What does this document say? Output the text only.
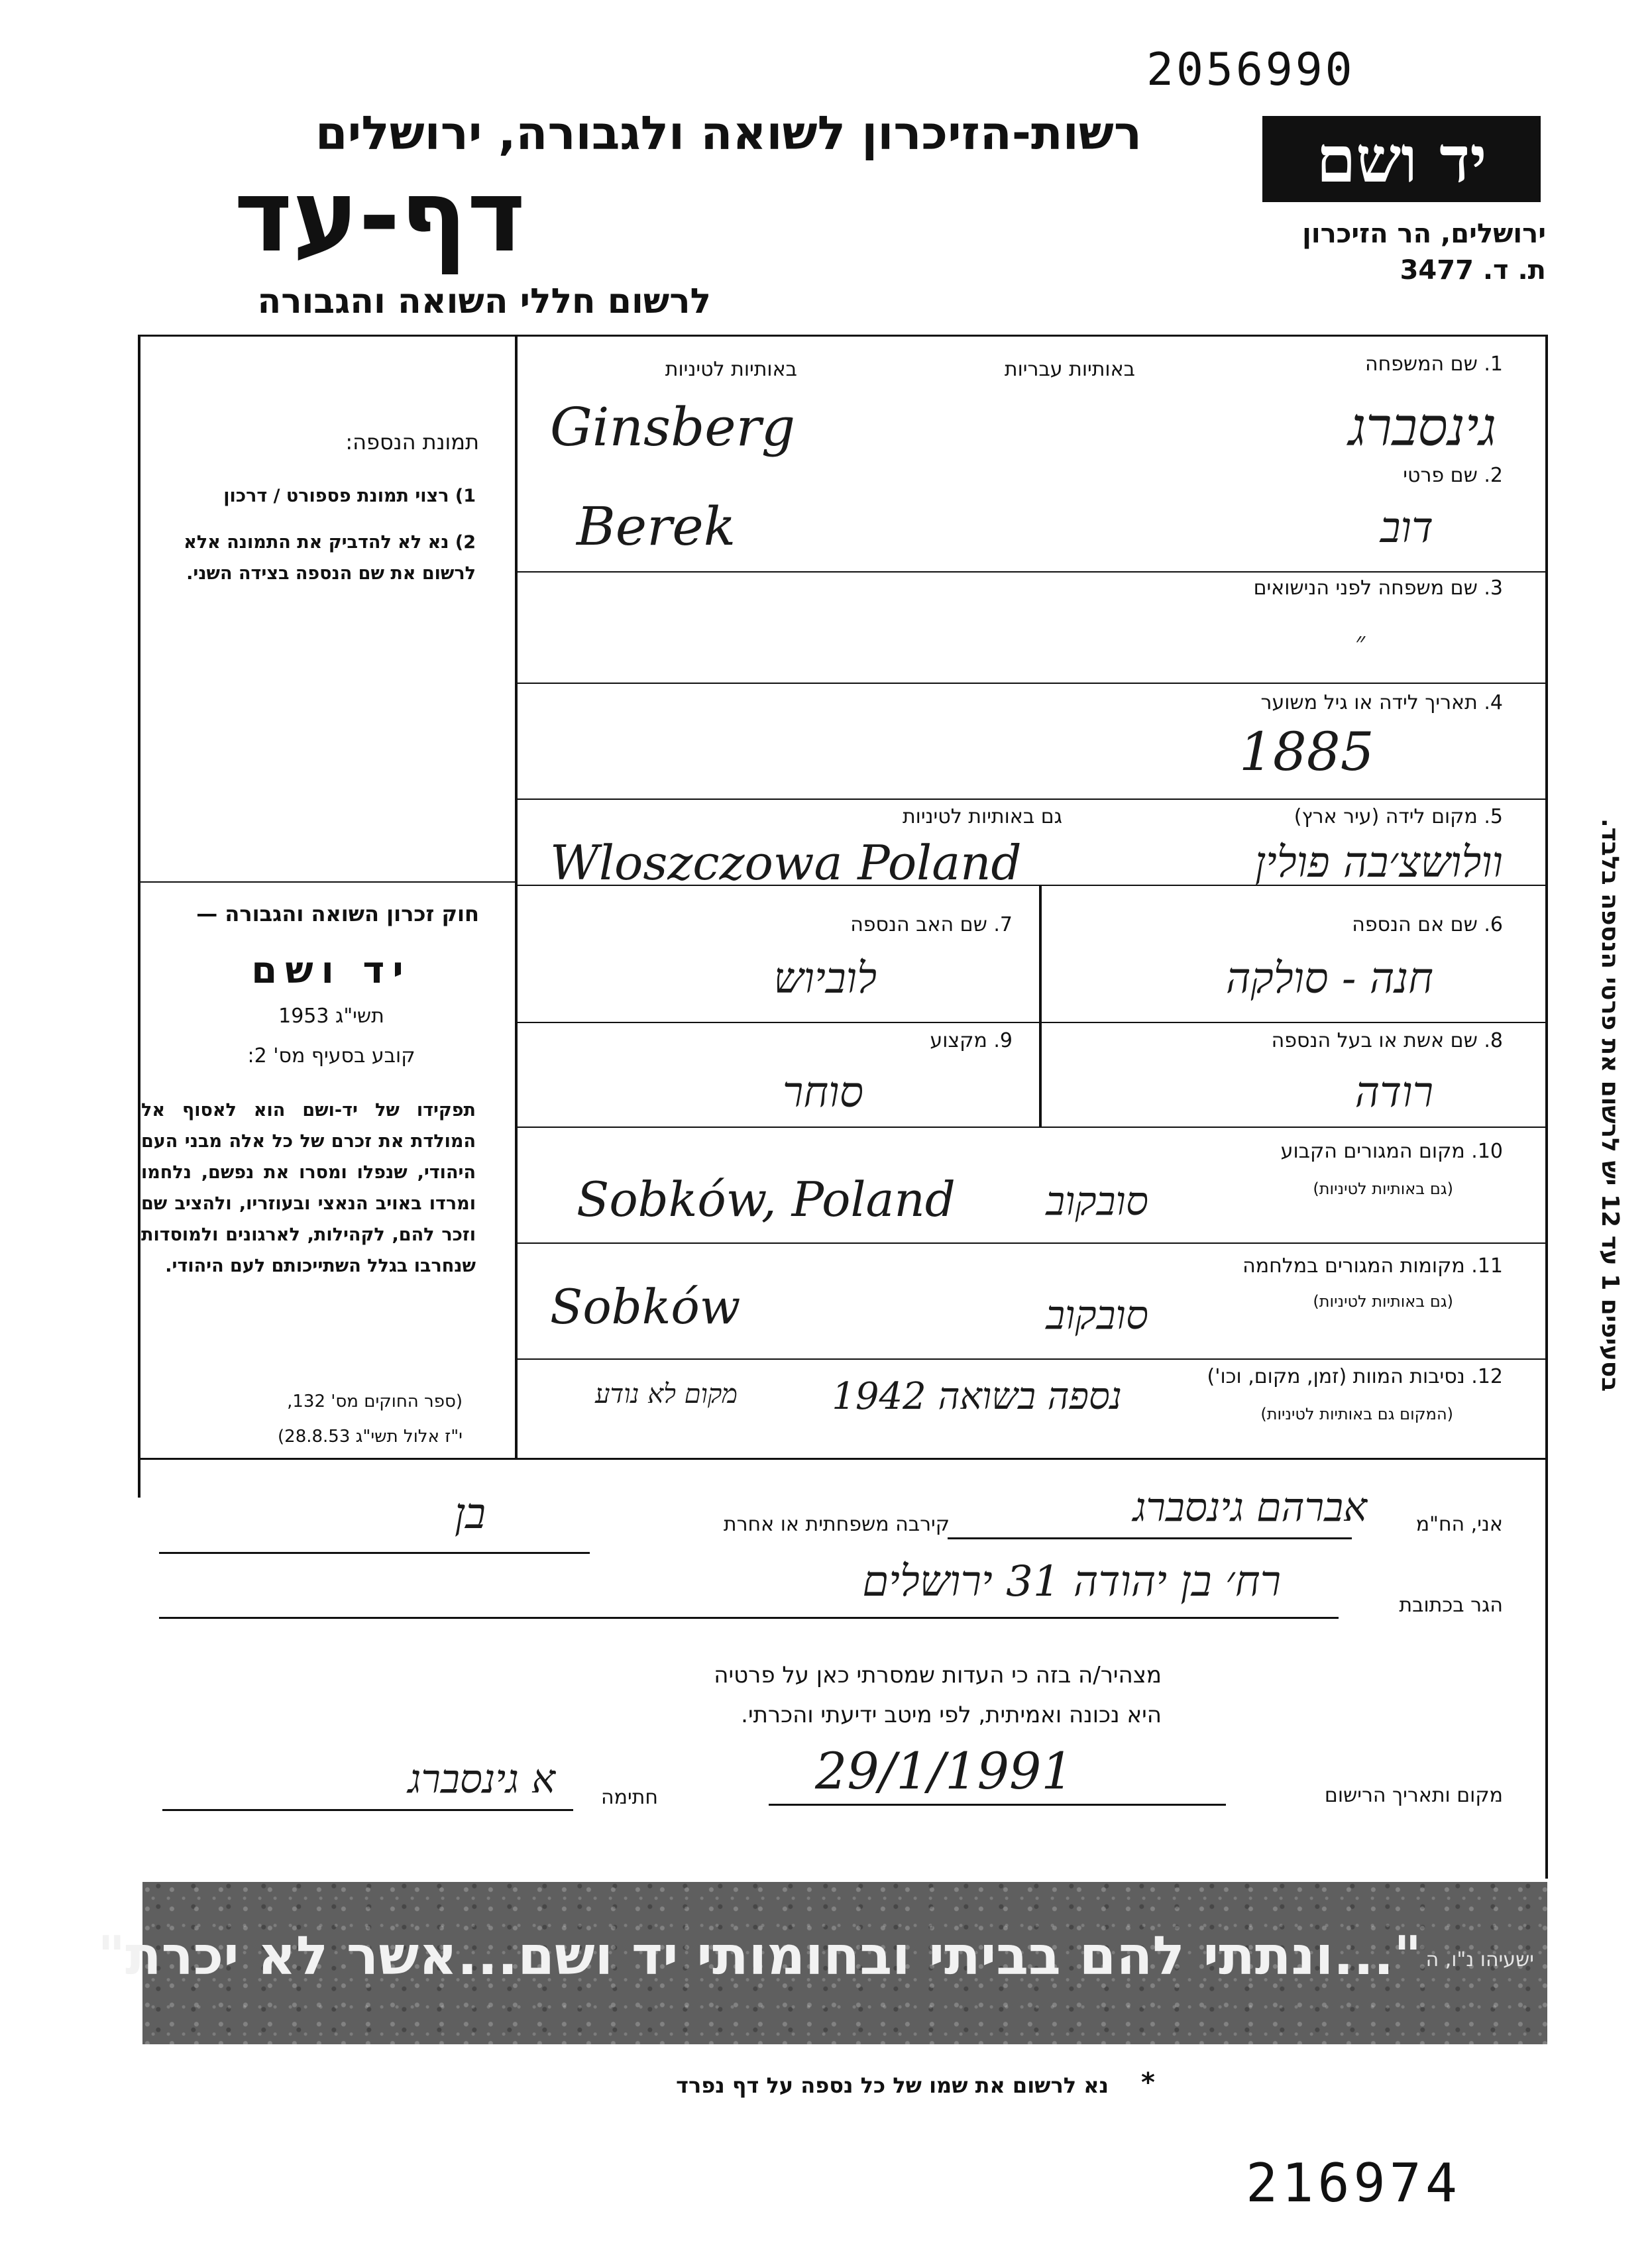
2056990
יד ושם
ירושלים, הר הזיכרון
ת. ד. 3477
רשות-הזיכרון לשואה ולגבורה, ירושלים
דף-עד
לרשום חללי השואה והגבורה
תמונת הנספה:
1) רצוי תמונת פספורט / דרכון
2) נא לא להדביק את התמונה אלא לרשום את שם הנספה בצידה השני.
חוק זכרון השואה והגבורה —
יד ושם
תשי"ג 1953
קובע בסעיף מס' 2:
תפקידו של יד-ושם הוא לאסוף אל המולדת את זכרם של כל אלה מבני העם היהודי, שנפלו ומסרו את נפשם, נלחמו ומרדו באויב הנאצי ובעוזריו, ולהציב שם וזכר להם, לקהילות, לארגונים ולמוסדות שנחרבו בגלל השתייכותם לעם היהודי.
(ספר החוקים מס' 132,
י"ז אלול תשי"ג 28.8.53)
1. שם המשפחה
באותיות עבריות
באותיות לטיניות
Ginsberg	גינסברג
2. שם פרטי
Berek	דוב
3. שם משפחה לפני הנישואים
״
4. תאריך לידה או גיל משוער
1885
5. מקום לידה (עיר ארץ)
גם באותיות לטיניות
Wloszczowa Poland	וולושצ׳בה פולין
6. שם אם הנספה
חנה - סולקה
7. שם האב הנספה
לוביוש
8. שם אשת או בעל הנספה
רודה
9. מקצוע
סוחר
10. מקום המגורים הקבוע
(גם באותיות לטיניות)
Sobków, Poland סובקוב
11. מקומות המגורים במלחמה
(גם באותיות לטיניות)
Sobków	סובקוב
12. נסיבות המוות (זמן, מקום, וכו')
(המקום גם באותיות לטיניות)
נספה בשואה 1942
מקום לא נודע
אני, הח"מ
אברהם גינסברג
קירבה משפחתית או אחרת
בן
הגר בכתובת
רח׳ בן יהודה 31 ירושלים
מצהיר/ה בזה כי העדות שמסרתי כאן על פרטיה
היא נכונה ואמיתית, לפי מיטב ידיעתי והכרתי.
מקום ותאריך הרישום
29/1/1991
חתימה
א גינסברג
"...ונתתי להם בביתי ובחומותי יד ושם...אשר לא יכרת" ישעיהו נ"ו, ה
בסעיפים 1 עד 12 יש לרשום את פרטי הנספה בלבד.
*
נא לרשום את שמו של כל נספה על דף נפרד
216974
